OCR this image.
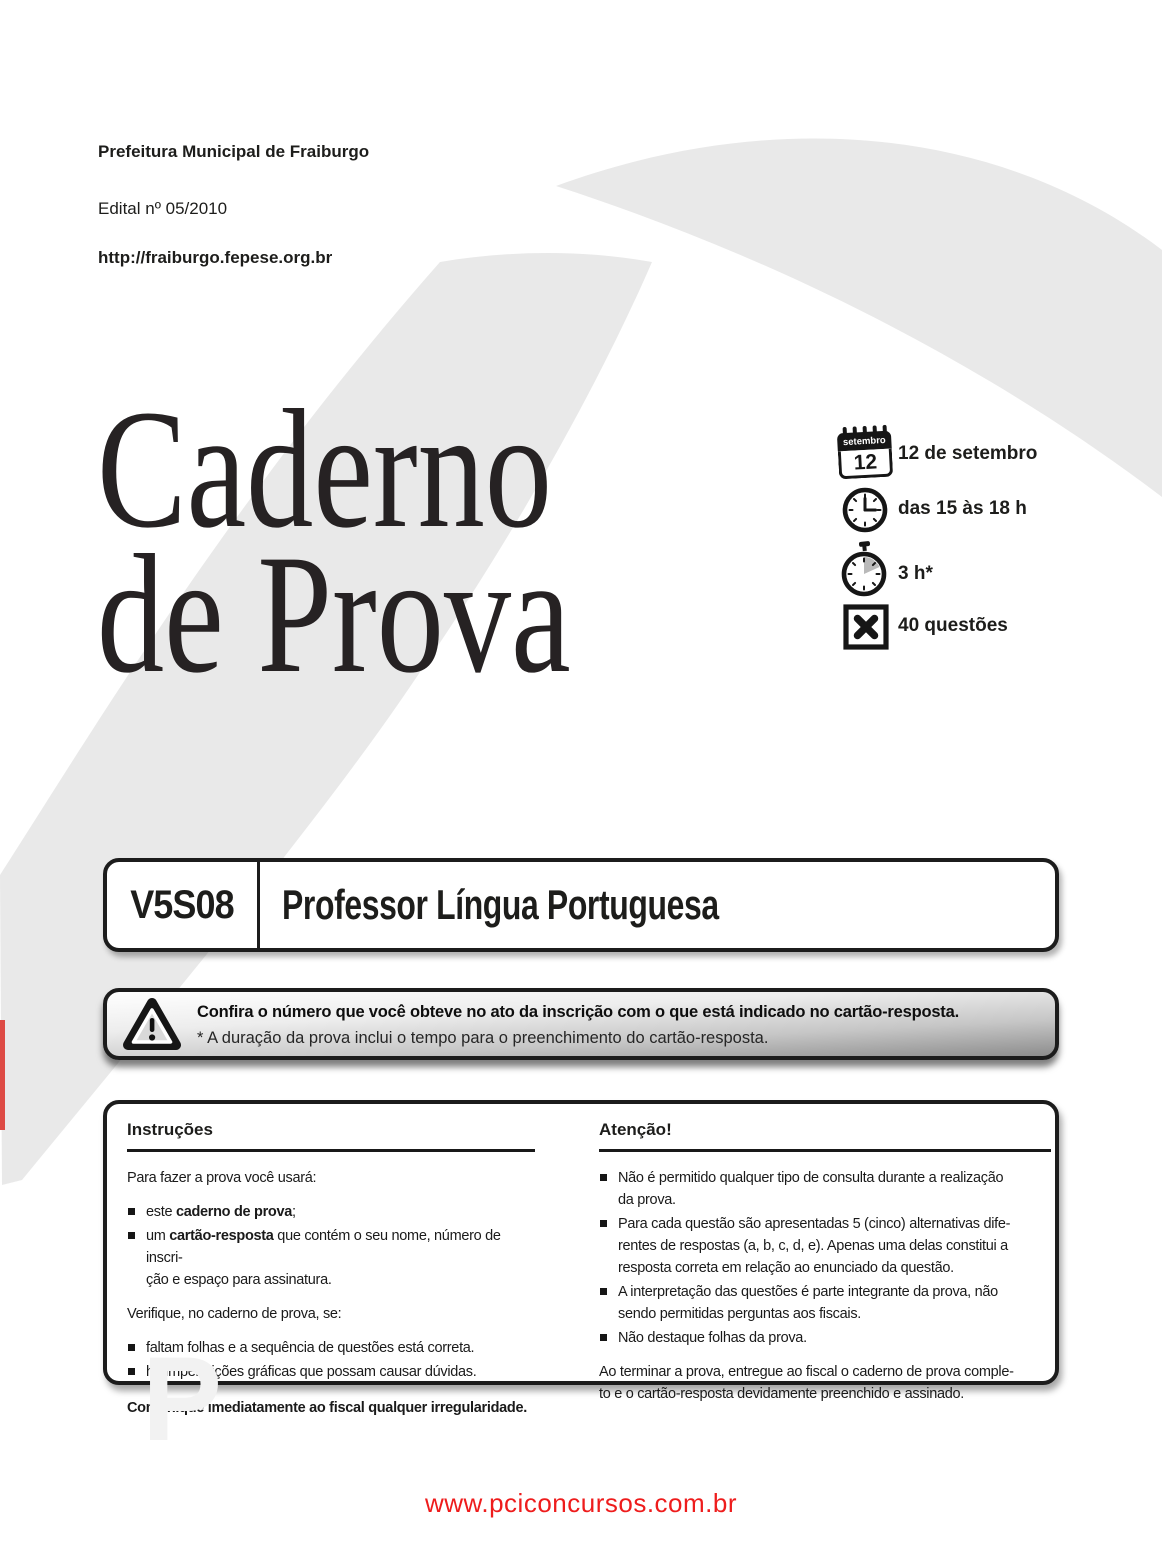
P
Prefeitura Municipal de Fraiburgo
Edital nº 05/2010
http://fraiburgo.fepese.org.br
Caderno
de Prova
setembro
12	12 de setembro
das 15 às 18 h
3 h*
40 questões
V5S08	Professor Língua Portuguesa
Confira o número que você obteve no ato da inscrição com o que está indicado no cartão-resposta.
* A duração da prova inclui o tempo para o preenchimento do cartão-resposta.
Instruções
Para fazer a prova você usará:
este caderno de prova;
um cartão-resposta que contém o seu nome, número de inscri-
ção e espaço para assinatura.
Verifique, no caderno de prova, se:
faltam folhas e a sequência de questões está correta.
há imperfeições gráficas que possam causar dúvidas.
Comunique imediatamente ao fiscal qualquer irregularidade.
Atenção!
Não é permitido qualquer tipo de consulta durante a realização
da prova.
Para cada questão são apresentadas 5 (cinco) alternativas dife-
rentes de respostas (a, b, c, d, e). Apenas uma delas constitui a
resposta correta em relação ao enunciado da questão.
A interpretação das questões é parte integrante da prova, não
sendo permitidas perguntas aos fiscais.
Não destaque folhas da prova.
Ao terminar a prova, entregue ao fiscal o caderno de prova comple-
to e o cartão-resposta devidamente preenchido e assinado.
www.pciconcursos.com.br
